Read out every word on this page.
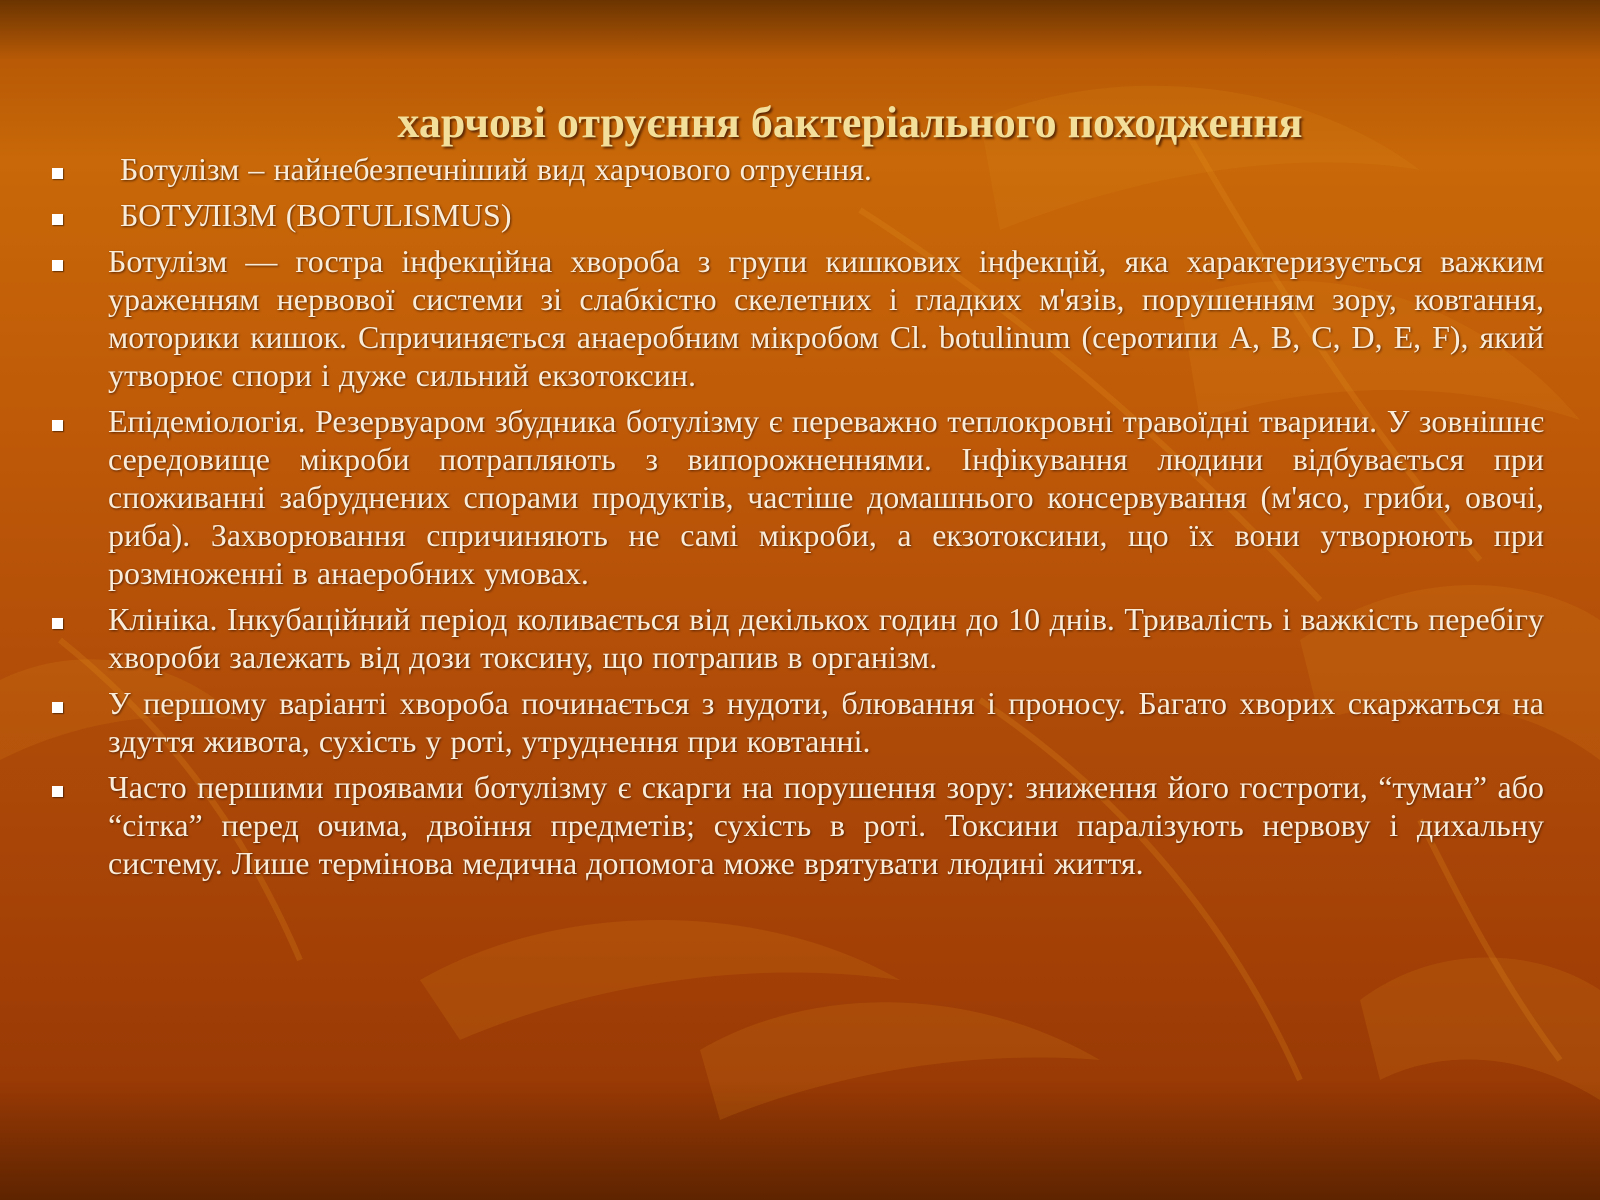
харчові отруєння бактеріального походження
Ботулізм – найнебезпечніший вид харчового отруєння.
БОТУЛІЗМ (BOTULISMUS)
Ботулізм — гостра інфекційна хвороба з групи кишкових інфекцій, яка характеризується важким ураженням нервової системи зі слабкістю скелетних і гладких м'язів, порушенням зору, ковтання, моторики кишок. Спричиняється анаеробним мікробом Cl. botulinum (серотипи A, B, C, D, E, F), який утворює спори і дуже сильний екзотоксин.
Епідеміологія. Резервуаром збудника ботулізму є переважно теплокровні травоїдні тварини. У зовнішнє середовище мікроби потрапляють з випорожненнями. Інфікування людини відбувається при споживанні забруднених спорами продуктів, частіше домашнього консервування (м'ясо, гриби, овочі, риба). Захворювання спричиняють не самі мікроби, а екзотоксини, що їх вони утворюють при розмноженні в анаеробних умовах.
Клініка. Інкубаційний період коливається від декількох годин до 10 днів. Тривалість і важкість перебігу хвороби залежать від дози токсину, що потрапив в організм.
У першому варіанті хвороба починається з нудоти, блювання і проносу. Багато хворих скаржаться на здуття живота, сухість у роті, утруднення при ковтанні.
Часто першими проявами ботулізму є скарги на порушення зору: зниження його гостроти, “туман” або “сітка” перед очима, двоїння предметів; сухість в роті. Токсини паралізують нервову і дихальну систему. Лише термінова медична допомога може врятувати людині життя.
